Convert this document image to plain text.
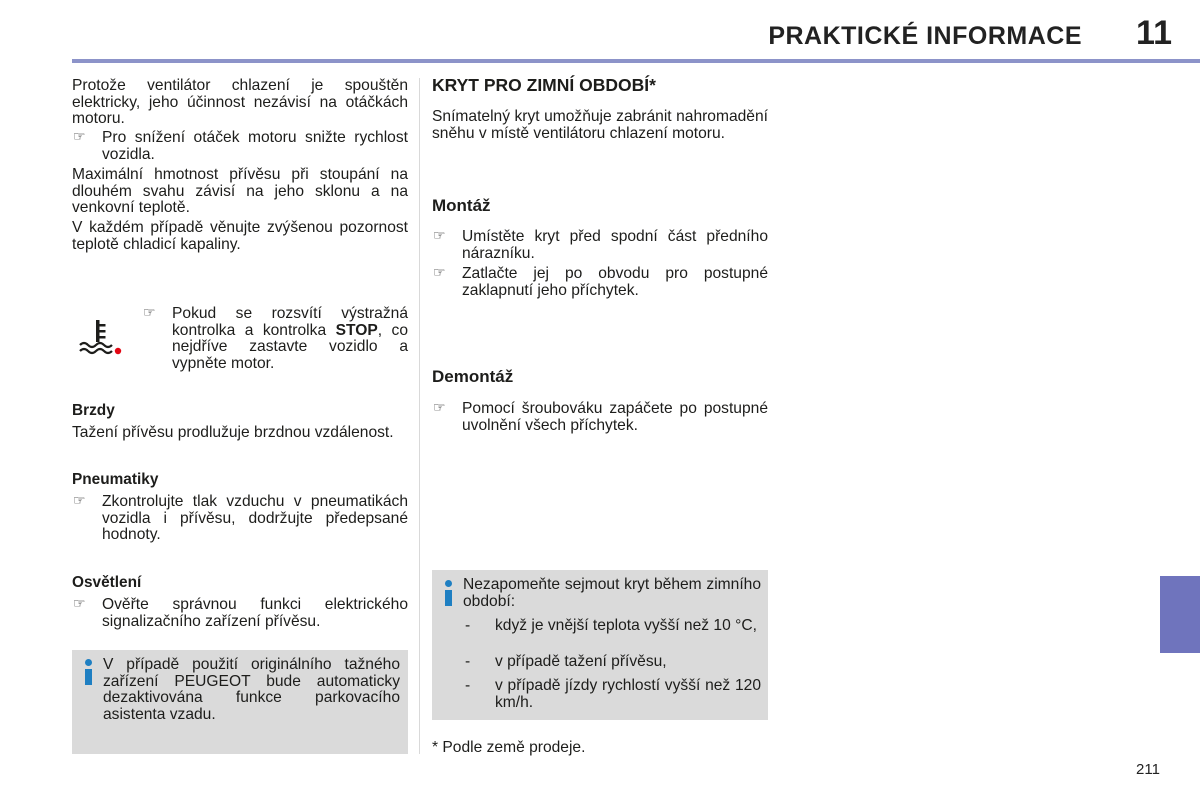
PRAKTICKÉ INFORMACE 11

Protože ventilátor chlazení je spouštěn elektricky, jeho účinnost nezávisí na otáčkách motoru.

☞ Pro snížení otáček motoru snižte rychlost vozidla.

Maximální hmotnost přívěsu při stoupání na dlouhém svahu závisí na jeho sklonu a na venkovní teplotě.

V každém případě věnujte zvýšenou pozornost teplotě chladicí kapaliny.

☞ Pokud se rozsvítí výstražná kontrolka a kontrolka STOP, co nejdříve zastavte vozidlo a vypněte motor.

Brzdy

Tažení přívěsu prodlužuje brzdnou vzdálenost.

Pneumatiky

☞ Zkontrolujte tlak vzduchu v pneumatikách vozidla i přívěsu, dodržujte předepsané hodnoty.

Osvětlení

☞ Ověřte správnou funkci elektrického signalizačního zařízení přívěsu.

V případě použití originálního tažného zařízení PEUGEOT bude automaticky dezaktivována funkce parkovacího asistenta vzadu.

KRYT PRO ZIMNÍ OBDOBÍ*

Snímatelný kryt umožňuje zabránit nahromadění sněhu v místě ventilátoru chlazení motoru.

Montáž

☞ Umístěte kryt před spodní část předního nárazníku.
☞ Zatlačte jej po obvodu pro postupné zaklapnutí jeho příchytek.

Demontáž

☞ Pomocí šroubováku zapáčete po postupné uvolnění všech příchytek.

* Podle země prodeje.

Nezapomeňte sejmout kryt během zimního období:

- když je vnější teplota vyšší než 10 °C,
- v případě tažení přívěsu,
- v případě jízdy rychlostí vyšší než 120 km/h.
211
